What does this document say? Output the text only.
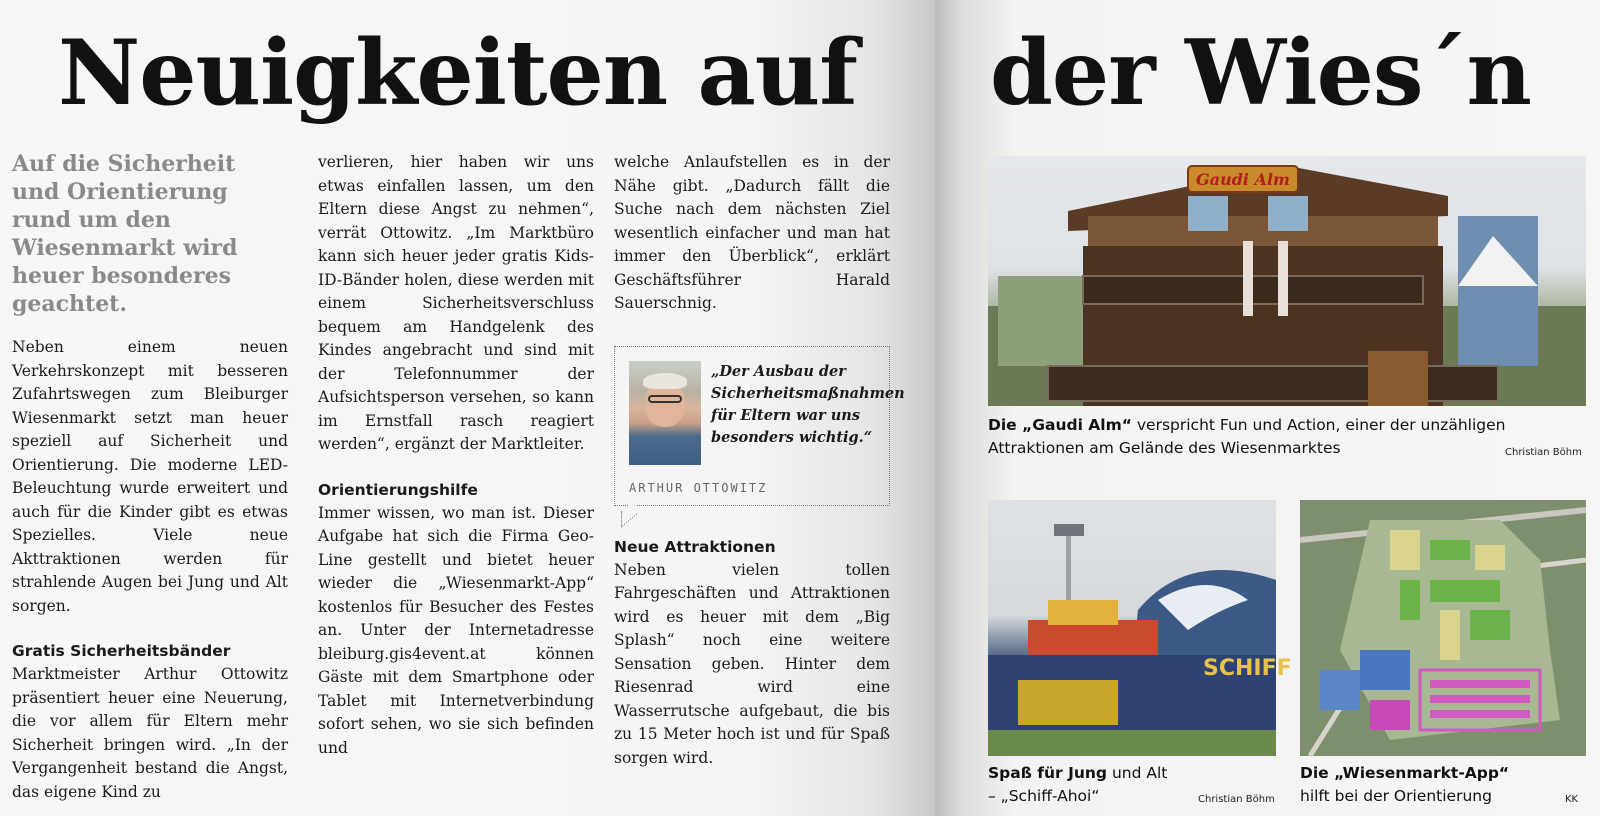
Neuigkeiten auf der Wies´n
Auf die Sicherheit und Orientierung rund um den Wiesenmarkt wird heuer besonderes geachtet.
Neben einem neuen Verkehrskonzept mit besseren Zufahrtswegen zum Bleiburger Wiesenmarkt setzt man heuer speziell auf Sicherheit und Orientierung. Die moderne LED-Beleuchtung wurde erweitert und auch für die Kinder gibt es etwas Spezielles. Viele neue Akttraktionen werden für strahlende Augen bei Jung und Alt sorgen.
Gratis Sicherheitsbänder
Marktmeister Arthur Ottowitz präsentiert heuer eine Neuerung, die vor allem für Eltern mehr Sicherheit bringen wird. „In der Vergangenheit bestand die Angst, das eigene Kind zu
verlieren, hier haben wir uns etwas einfallen lassen, um den Eltern diese Angst zu nehmen“, verrät Ottowitz. „Im Marktbüro kann sich heuer jeder gratis Kids-ID-Bänder holen, diese werden mit einem Sicherheitsverschluss bequem am Handgelenk des Kindes angebracht und sind mit der Telefonnummer der Aufsichtsperson versehen, so kann im Ernstfall rasch reagiert werden“, ergänzt der Marktleiter.
Orientierungshilfe
Immer wissen, wo man ist. Dieser Aufgabe hat sich die Firma Geo-Line gestellt und bietet heuer wieder die „Wiesenmarkt-App“ kostenlos für Besucher des Festes an. Unter der Internetadresse bleiburg.gis4event.at können Gäste mit dem Smartphone oder Tablet mit Internetverbindung sofort sehen, wo sie sich befinden und
welche Anlaufstellen es in der Nähe gibt. „Dadurch fällt die Suche nach dem nächsten Ziel wesentlich einfacher und man hat immer den Überblick“, erklärt Geschäftsführer Harald Sauerschnig.
„Der Ausbau der Sicherheitsmaßnahmen für Eltern war uns besonders wichtig.“
ARTHUR OTTOWITZ
Neue Attraktionen
Neben vielen tollen Fahrgeschäften und Attraktionen wird es heuer mit dem „Big Splash“ noch eine weitere Sensation geben. Hinter dem Riesenrad wird eine Wasserrutsche aufgebaut, die bis zu 15 Meter hoch ist und für Spaß sorgen wird.
Gaudi Alm
Die „Gaudi Alm“ verspricht Fun und Action, einer der unzähligen Attraktionen am Gelände des Wiesenmarktes	Christian Böhm
SCHIFF
Spaß für Jung und Alt – „Schiff-Ahoi“	Christian Böhm
Die „Wiesenmarkt-App“ hilft bei der Orientierung	KK
